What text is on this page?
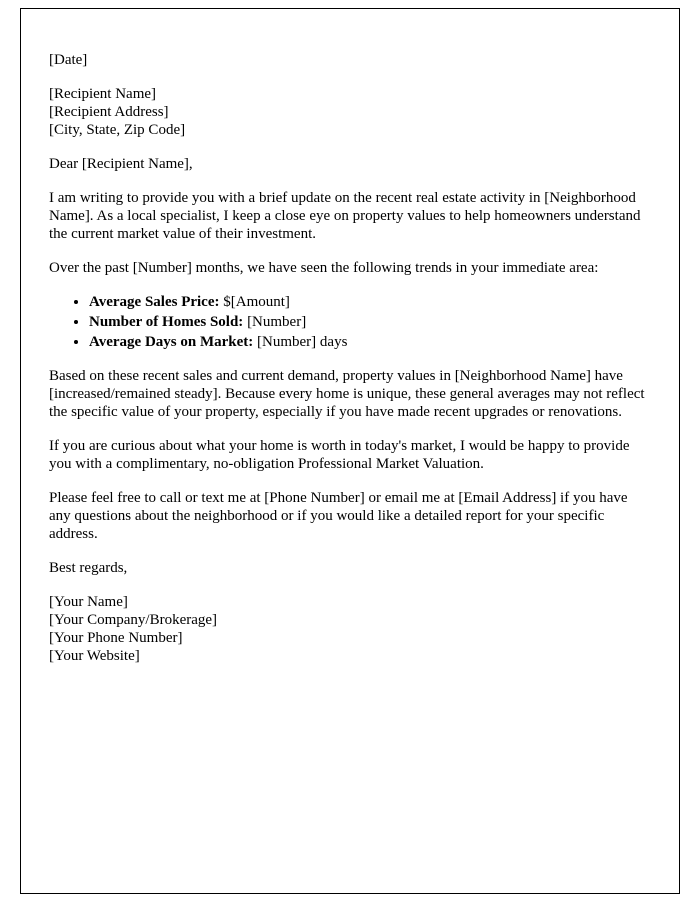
[Date]
[Recipient Name]
[Recipient Address]
[City, State, Zip Code]
Dear [Recipient Name],

I am writing to provide you with a brief update on the recent real estate activity in [Neighborhood Name]. As a local specialist, I keep a close eye on property values to help homeowners understand the current market value of their investment.

Over the past [Number] months, we have seen the following trends in your immediate area:

• Average Sales Price: $[Amount]
• Number of Homes Sold: [Number]
• Average Days on Market: [Number] days

Based on these recent sales and current demand, property values in [Neighborhood Name] have [increased/remained steady]. Because every home is unique, these general averages may not reflect the specific value of your property, especially if you have made recent upgrades or renovations.

If you are curious about what your home is worth in today's market, I would be happy to provide you with a complimentary, no-obligation Professional Market Valuation.

Please feel free to call or text me at [Phone Number] or email me at [Email Address] if you have any questions about the neighborhood or if you would like a detailed report for your specific address.

Best regards,

[Your Name]
[Your Company/Brokerage]
[Your Phone Number]
[Your Website]
